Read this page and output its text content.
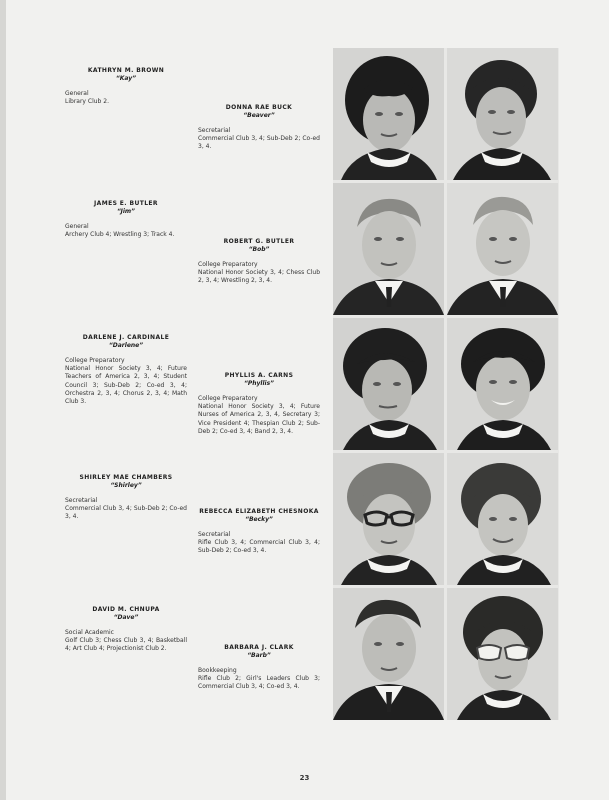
KATHRYN M. BROWN
“Kay”
General
Library Club 2.
JAMES E. BUTLER
“Jim”
General
Archery Club 4; Wrestling 3; Track 4.
DARLENE J. CARDINALE
“Darlene”
College Preparatory
National Honor Society 3, 4; Future Teachers of America 2, 3, 4; Student Council 3; Sub-Deb 2; Co-ed 3, 4; Orchestra 2, 3, 4; Chorus 2, 3, 4; Math Club 3.
SHIRLEY MAE CHAMBERS
“Shirley”
Secretarial
Commercial Club 3, 4; Sub-Deb 2; Co-ed 3, 4.
DAVID M. CHNUPA
“Dave”
Social Academic
Golf Club 3; Chess Club 3, 4; Basketball 4; Art Club 4; Projectionist Club 2.
DONNA RAE BUCK
“Beaver”
Secretarial
Commercial Club 3, 4; Sub-Deb 2; Co-ed 3, 4.
ROBERT G. BUTLER
“Bob”
College Preparatory
National Honor Society 3, 4; Chess Club 2, 3, 4; Wrestling 2, 3, 4.
PHYLLIS A. CARNS
“Phyllis”
College Preparatory
National Honor Society 3, 4; Future Nurses of America 2, 3, 4, Secretary 3; Vice President 4; Thespian Club 2; Sub-Deb 2; Co-ed 3, 4; Band 2, 3, 4.
REBECCA ELIZABETH CHESNOKA
“Becky”
Secretarial
Rifle Club 3, 4; Commercial Club 3, 4; Sub-Deb 2; Co-ed 3, 4.
BARBARA J. CLARK
“Barb”
Bookkeeping
Rifle Club 2; Girl's Leaders Club 3; Commercial Club 3, 4; Co-ed 3, 4.
23
